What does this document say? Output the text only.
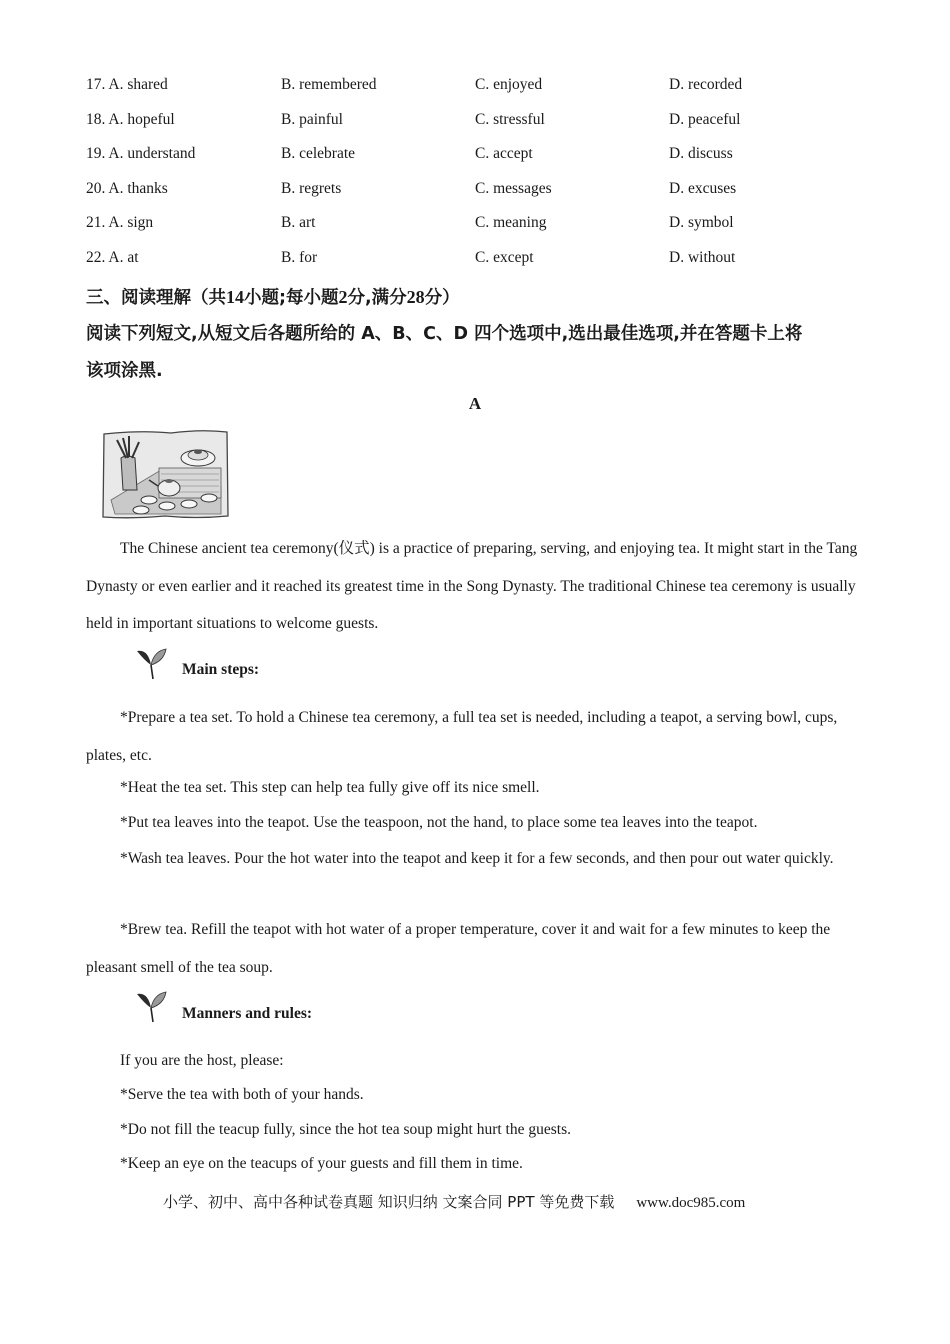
17. A. shared	B. remembered	C. enjoyed	D. recorded
18. A. hopeful	B. painful	C. stressful	D. peaceful
19. A. understand	B. celebrate	C. accept	D. discuss
20. A. thanks	B. regrets	C. messages	D. excuses
21. A. sign	B. art	C. meaning	D. symbol
22. A. at	B. for	C. except	D. without
三、阅读理解（共14小题;每小题2分,满分28分）
阅读下列短文,从短文后各题所给的 A、B、C、D 四个选项中,选出最佳选项,并在答题卡上将
该项涂黑.
A
The Chinese ancient tea ceremony(仪式) is a practice of preparing, serving, and enjoying tea. It might start in the Tang Dynasty or even earlier and it reached its greatest time in the Song Dynasty. The traditional Chinese tea ceremony is usually held in important situations to welcome guests.
Main steps:
*Prepare a tea set. To hold a Chinese tea ceremony, a full tea set is needed, including a teapot, a serving bowl, cups, plates, etc.
*Heat the tea set. This step can help tea fully give off its nice smell.
*Put tea leaves into the teapot. Use the teaspoon, not the hand, to place some tea leaves into the teapot.
*Wash tea leaves. Pour the hot water into the teapot and keep it for a few seconds, and then pour out water quickly.
*Brew tea. Refill the teapot with hot water of a proper temperature, cover it and wait for a few minutes to keep the pleasant smell of the tea soup.
Manners and rules:
If you are the host, please:
*Serve the tea with both of your hands.
*Do not fill the teacup fully, since the hot tea soup might hurt the guests.
*Keep an eye on the teacups of your guests and fill them in time.
小学、初中、高中各种试卷真题 知识归纳 文案合同 PPT 等免费下载 www.doc985.com
